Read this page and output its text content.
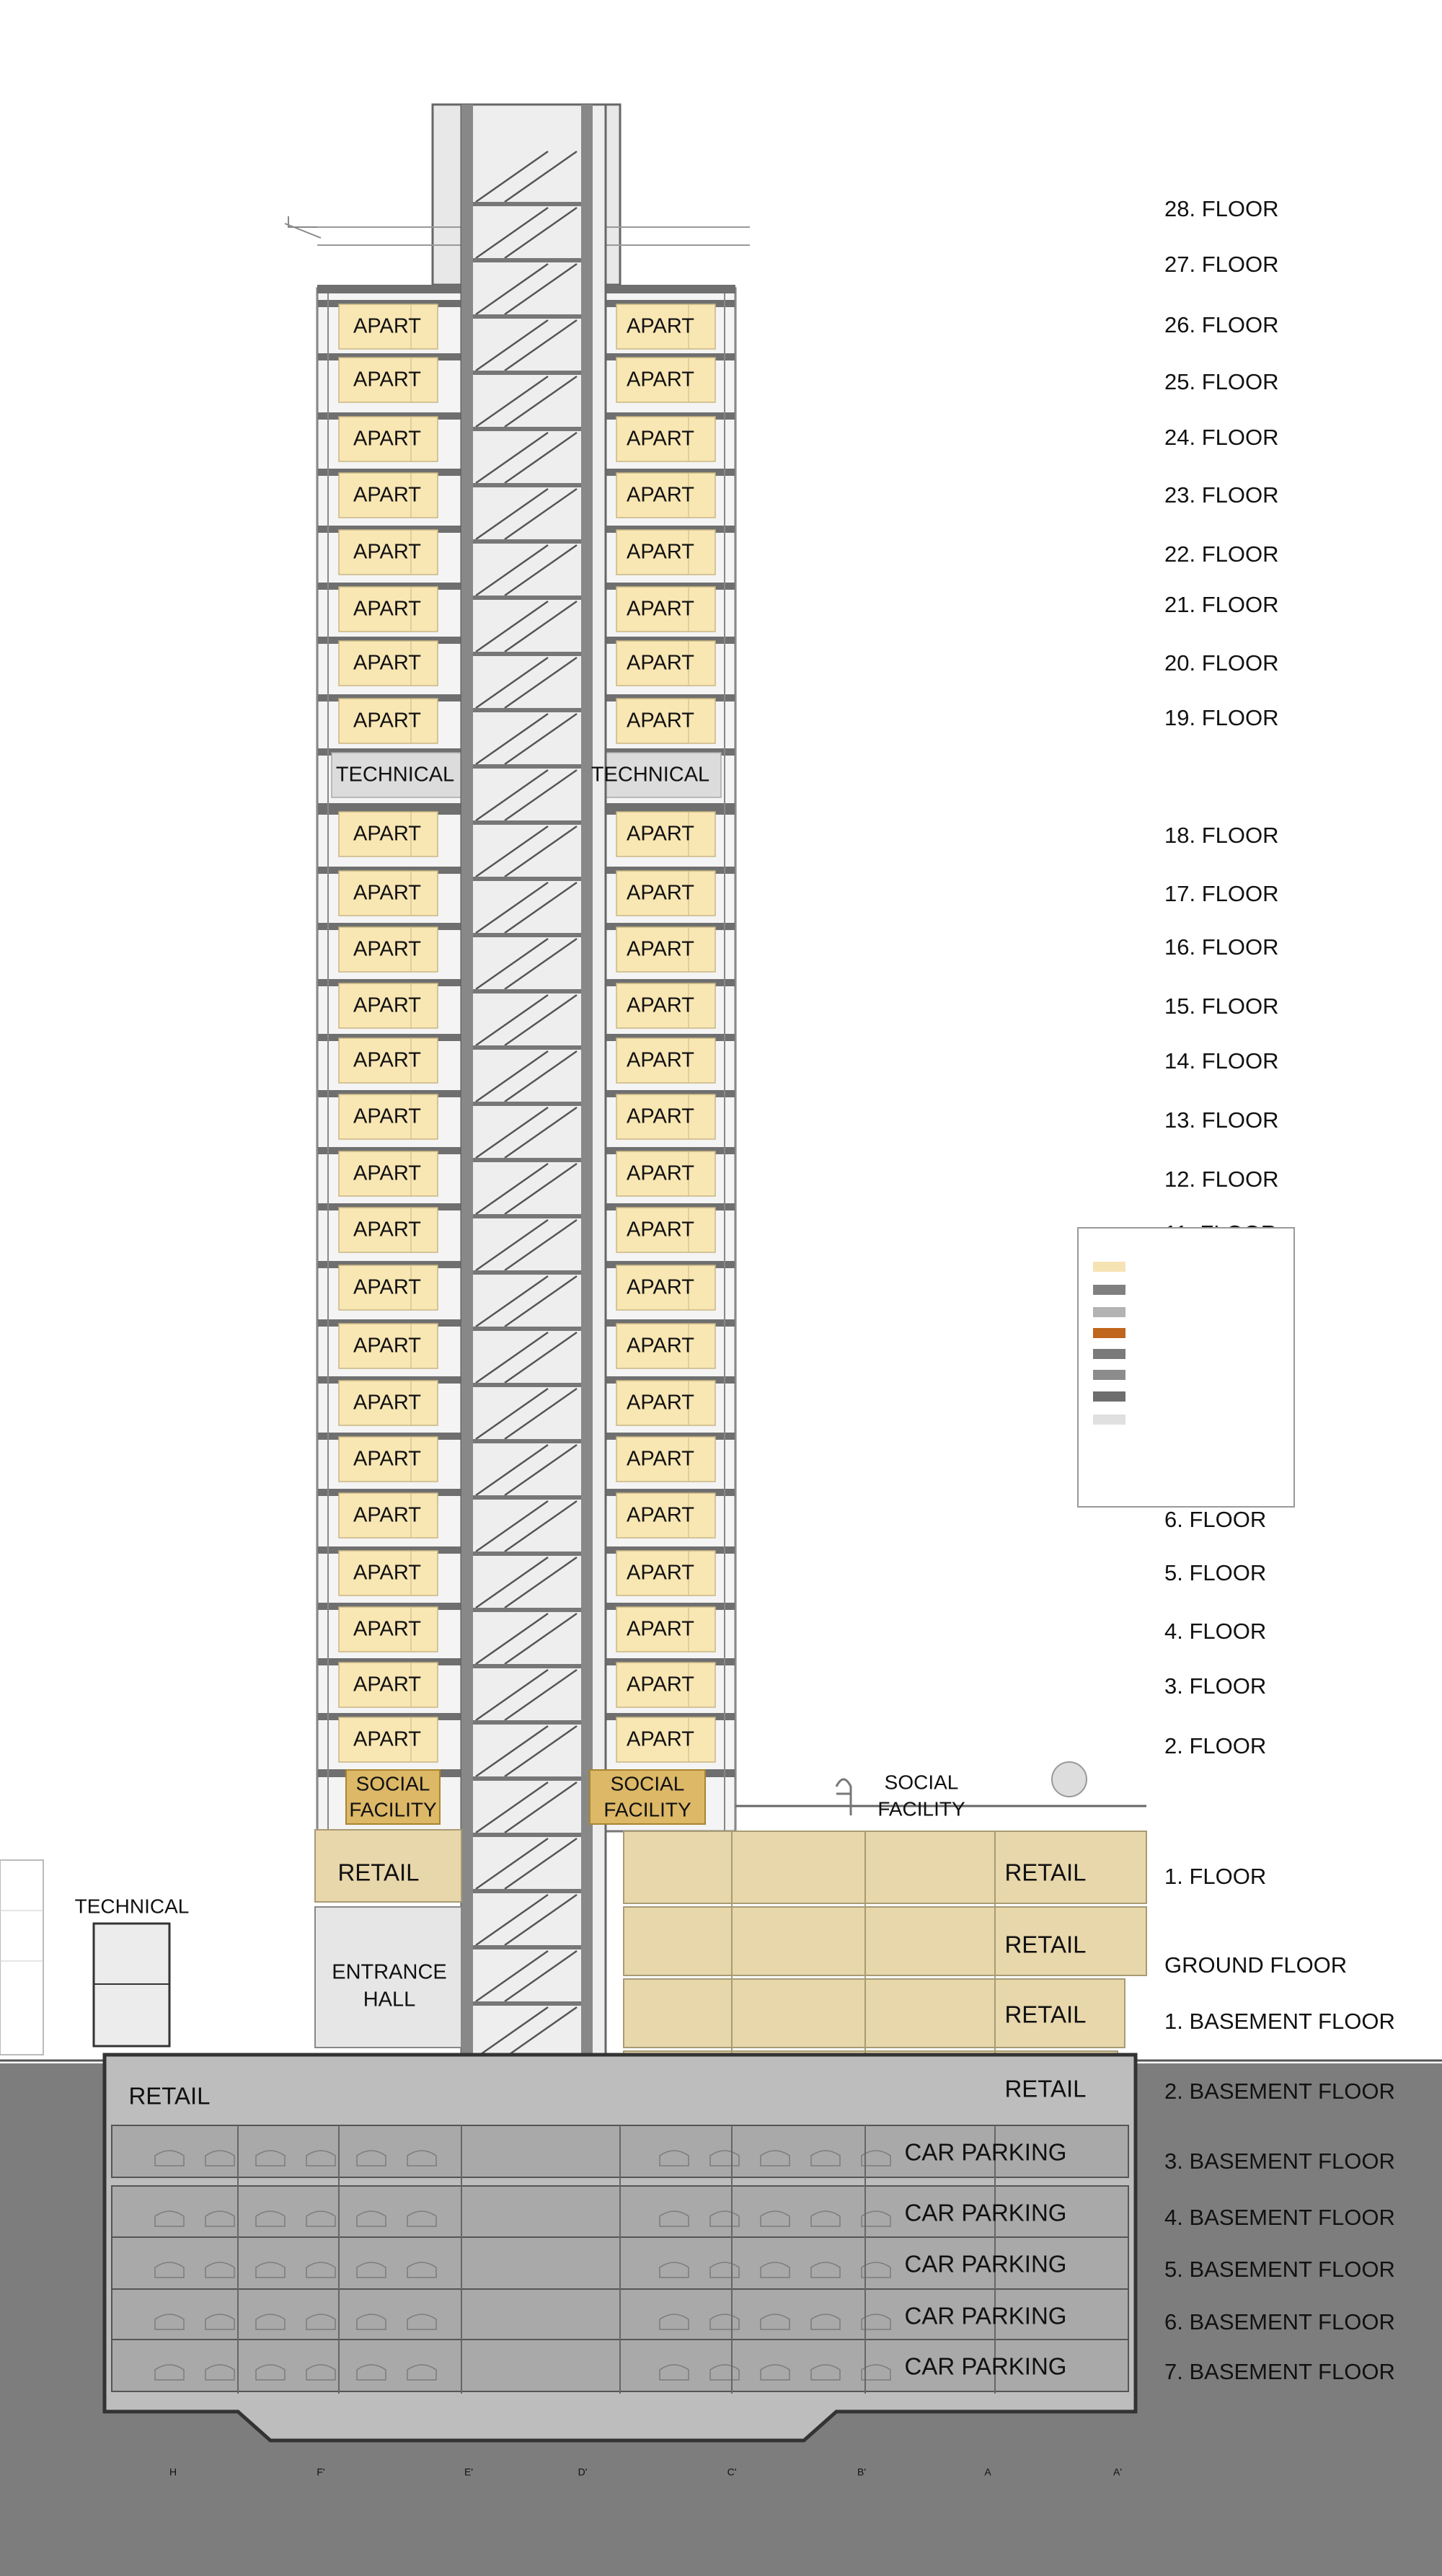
APART	APART
APART	APART
APART	APART
APART	APART
APART	APART
APART	APART
APART	APART
APART	APART
APART	APART
APART	APART
APART	APART
APART	APART
APART	APART
APART	APART
APART	APART
APART	APART
APART	APART
APART	APART
APART	APART
APART	APART
APART	APART
APART	APART
APART	APART
APART	APART
APART	APART
TECHNICAL	TECHNICAL
SOCIAL
FACILITY
SOCIAL
FACILITY
SOCIAL
FACILITY
RETAIL	RETAIL
RETAIL
RETAIL
RETAIL
RETAIL
ENTRANCE
HALL
TECHNICAL
CAR PARKING
CAR PARKING
CAR PARKING
CAR PARKING
CAR PARKING
28. FLOOR
27. FLOOR
26. FLOOR
25. FLOOR
24. FLOOR
23. FLOOR
22. FLOOR
21. FLOOR
20. FLOOR
19. FLOOR
18. FLOOR
17. FLOOR
16. FLOOR
15. FLOOR
14. FLOOR
13. FLOOR
12. FLOOR
6. FLOOR
5. FLOOR
4. FLOOR
3. FLOOR
2. FLOOR
1. FLOOR
GROUND FLOOR
1. BASEMENT FLOOR
2. BASEMENT FLOOR
3. BASEMENT FLOOR
4. BASEMENT FLOOR
5. BASEMENT FLOOR
6. BASEMENT FLOOR
7. BASEMENT FLOOR
H	F'	E'	D'	C'	B'	A	A'
